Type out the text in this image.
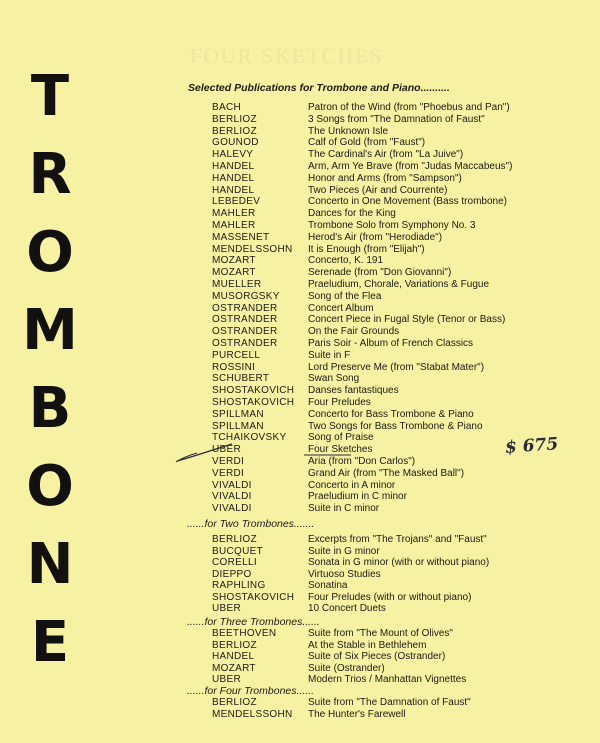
FOUR SKETCHES
T
R
O
M
B
O
N
E
Selected Publications for Trombone and Piano..........
BACH	Patron of the Wind (from "Phoebus and Pan")
BERLIOZ	3 Songs from "The Damnation of Faust"
BERLIOZ	The Unknown Isle
GOUNOD	Calf of Gold (from "Faust")
HALEVY	The Cardinal's Air (from "La Juive")
HANDEL	Arm, Arm Ye Brave (from "Judas Maccabeus")
HANDEL	Honor and Arms (from "Sampson")
HANDEL	Two Pieces (Air and Courrente)
LEBEDEV	Concerto in One Movement (Bass trombone)
MAHLER	Dances for the King
MAHLER	Trombone Solo from Symphony No. 3
MASSENET	Herod's Air (from "Herodiade")
MENDELSSOHN It is Enough (from "Elijah")
MOZART	Concerto, K. 191
MOZART	Serenade (from "Don Giovanni")
MUELLER	Praeludium, Chorale, Variations & Fugue
MUSORGSKY	Song of the Flea
OSTRANDER	Concert Album
OSTRANDER	Concert Piece in Fugal Style (Tenor or Bass)
OSTRANDER	On the Fair Grounds
OSTRANDER	Paris Soir - Album of French Classics
PURCELL	Suite in F
ROSSINI	Lord Preserve Me (from "Stabat Mater")
SCHUBERT	Swan Song
SHOSTAKOVICH Danses fantastiques
SHOSTAKOVICH Four Preludes
SPILLMAN	Concerto for Bass Trombone & Piano
SPILLMAN	Two Songs for Bass Trombone & Piano
TCHAIKOVSKY Song of Praise
UBER	Four Sketches
VERDI	Aria (from "Don Carlos")
VERDI	Grand Air (from "The Masked Ball")
VIVALDI	Concerto in A minor
VIVALDI	Praeludium in C minor
VIVALDI	Suite in C minor
......for Two Trombones.......
BERLIOZ	Excerpts from "The Trojans" and "Faust"
BUCQUET	Suite in G minor
CORELLI	Sonata in G minor (with or without piano)
DIEPPO	Virtuoso Studies
RAPHLING	Sonatina
SHOSTAKOVICH Four Preludes (with or without piano)
UBER	10 Concert Duets
......for Three Trombones......
BEETHOVEN	Suite from "The Mount of Olives"
BERLIOZ	At the Stable in Bethlehem
HANDEL	Suite of Six Pieces (Ostrander)
MOZART	Suite (Ostrander)
UBER	Modern Trios / Manhattan Vignettes
......for Four Trombones......
BERLIOZ	Suite from "The Damnation of Faust"
MENDELSSOHN The Hunter's Farewell
$ 675
